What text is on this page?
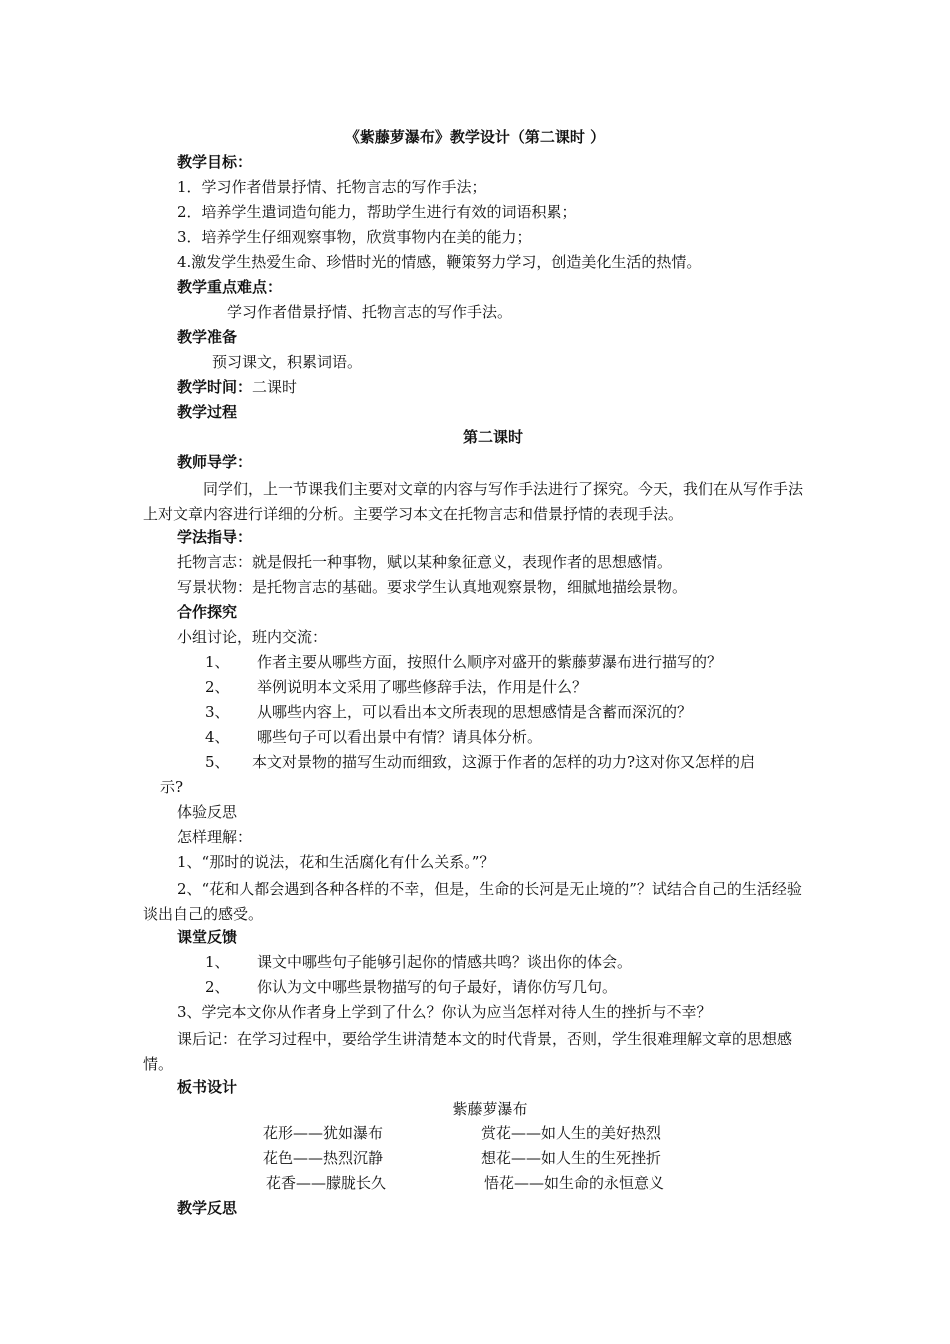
《紫藤萝瀑布》教学设计（第二课时 ）
教学目标：
1．学习作者借景抒情、托物言志的写作手法；
2．培养学生遣词造句能力，帮助学生进行有效的词语积累；
3．培养学生仔细观察事物，欣赏事物内在美的能力；
4.激发学生热爱生命、珍惜时光的情感，鞭策努力学习，创造美化生活的热情。
教学重点难点：
学习作者借景抒情、托物言志的写作手法。
教学准备
预习课文，积累词语。
教学时间：二课时
教学过程
第二课时
教师导学：
同学们，上一节课我们主要对文章的内容与写作手法进行了探究。今天，我们在从写作手法上对文章内容进行详细的分析。主要学习本文在托物言志和借景抒情的表现手法。
学法指导：
托物言志：就是假托一种事物，赋以某种象征意义，表现作者的思想感情。
写景状物：是托物言志的基础。要求学生认真地观察景物，细腻地描绘景物。
合作探究
小组讨论，班内交流：
1、 作者主要从哪些方面，按照什么顺序对盛开的紫藤萝瀑布进行描写的？
2、 举例说明本文采用了哪些修辞手法，作用是什么？
3、 从哪些内容上，可以看出本文所表现的思想感情是含蓄而深沉的？
4、 哪些句子可以看出景中有情？请具体分析。
5、 本文对景物的描写生动而细致，这源于作者的怎样的功力?这对你又怎样的启
示?
体验反思
怎样理解：
1、“那时的说法，花和生活腐化有什么关系。”？
2、“花和人都会遇到各种各样的不幸，但是，生命的长河是无止境的”？试结合自己的生活经验谈出自己的感受。
课堂反馈
1、 课文中哪些句子能够引起你的情感共鸣？谈出你的体会。
2、 你认为文中哪些景物描写的句子最好，请你仿写几句。
3、学完本文你从作者身上学到了什么？你认为应当怎样对待人生的挫折与不幸？
课后记：在学习过程中，要给学生讲清楚本文的时代背景，否则，学生很难理解文章的思想感情。
板书设计
紫藤萝瀑布
花形——犹如瀑布
花色——热烈沉静
花香——朦胧长久
赏花——如人生的美好热烈
想花——如人生的生死挫折
悟花——如生命的永恒意义
教学反思
